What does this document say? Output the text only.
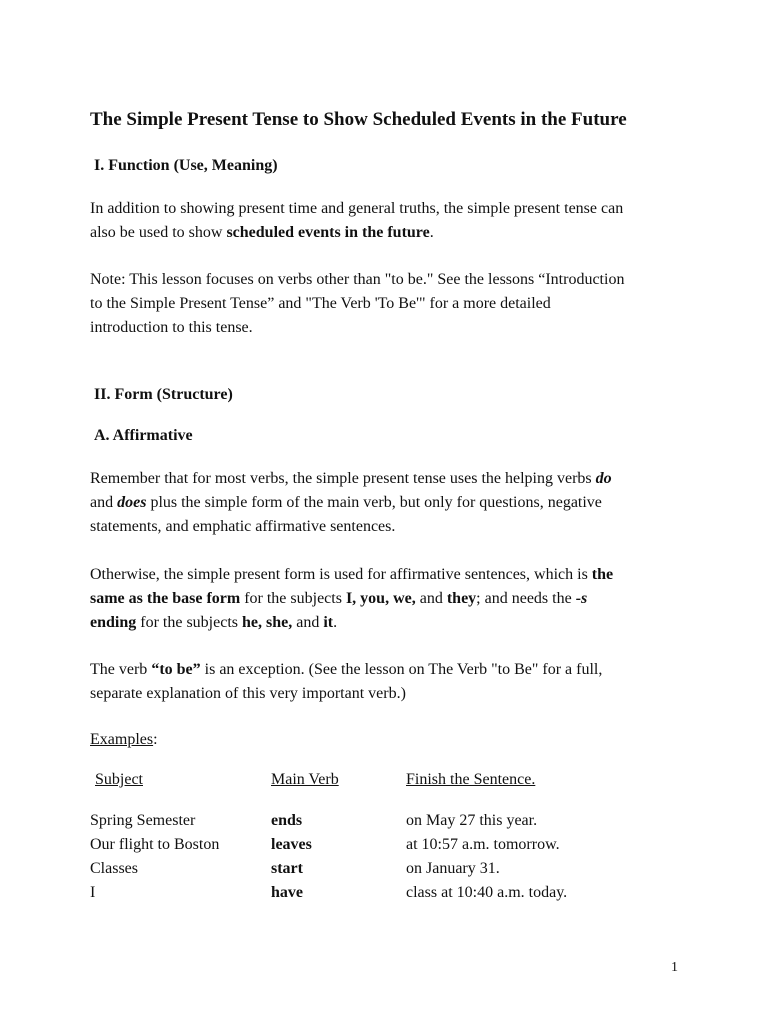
The Simple Present Tense to Show Scheduled Events in the Future
I. Function (Use, Meaning)
In addition to showing present time and general truths, the simple present tense can
also be used to show scheduled events in the future.
Note: This lesson focuses on verbs other than "to be." See the lessons “Introduction
to the Simple Present Tense” and "The Verb 'To Be'" for a more detailed
introduction to this tense.
II. Form (Structure)
A. Affirmative
Remember that for most verbs, the simple present tense uses the helping verbs do
and does plus the simple form of the main verb, but only for questions, negative
statements, and emphatic affirmative sentences.
Otherwise, the simple present form is used for affirmative sentences, which is the
same as the base form for the subjects I, you, we, and they; and needs the -s
ending for the subjects he, she, and it.
The verb “to be” is an exception. (See the lesson on The Verb "to Be" for a full,
separate explanation of this very important verb.)
Examples:
Subject	Main Verb	Finish the Sentence.
Spring Semester	ends	on May 27 this year.
Our flight to Boston	leaves	at 10:57 a.m. tomorrow.
Classes	start	on January 31.
I	have	class at 10:40 a.m. today.
1
